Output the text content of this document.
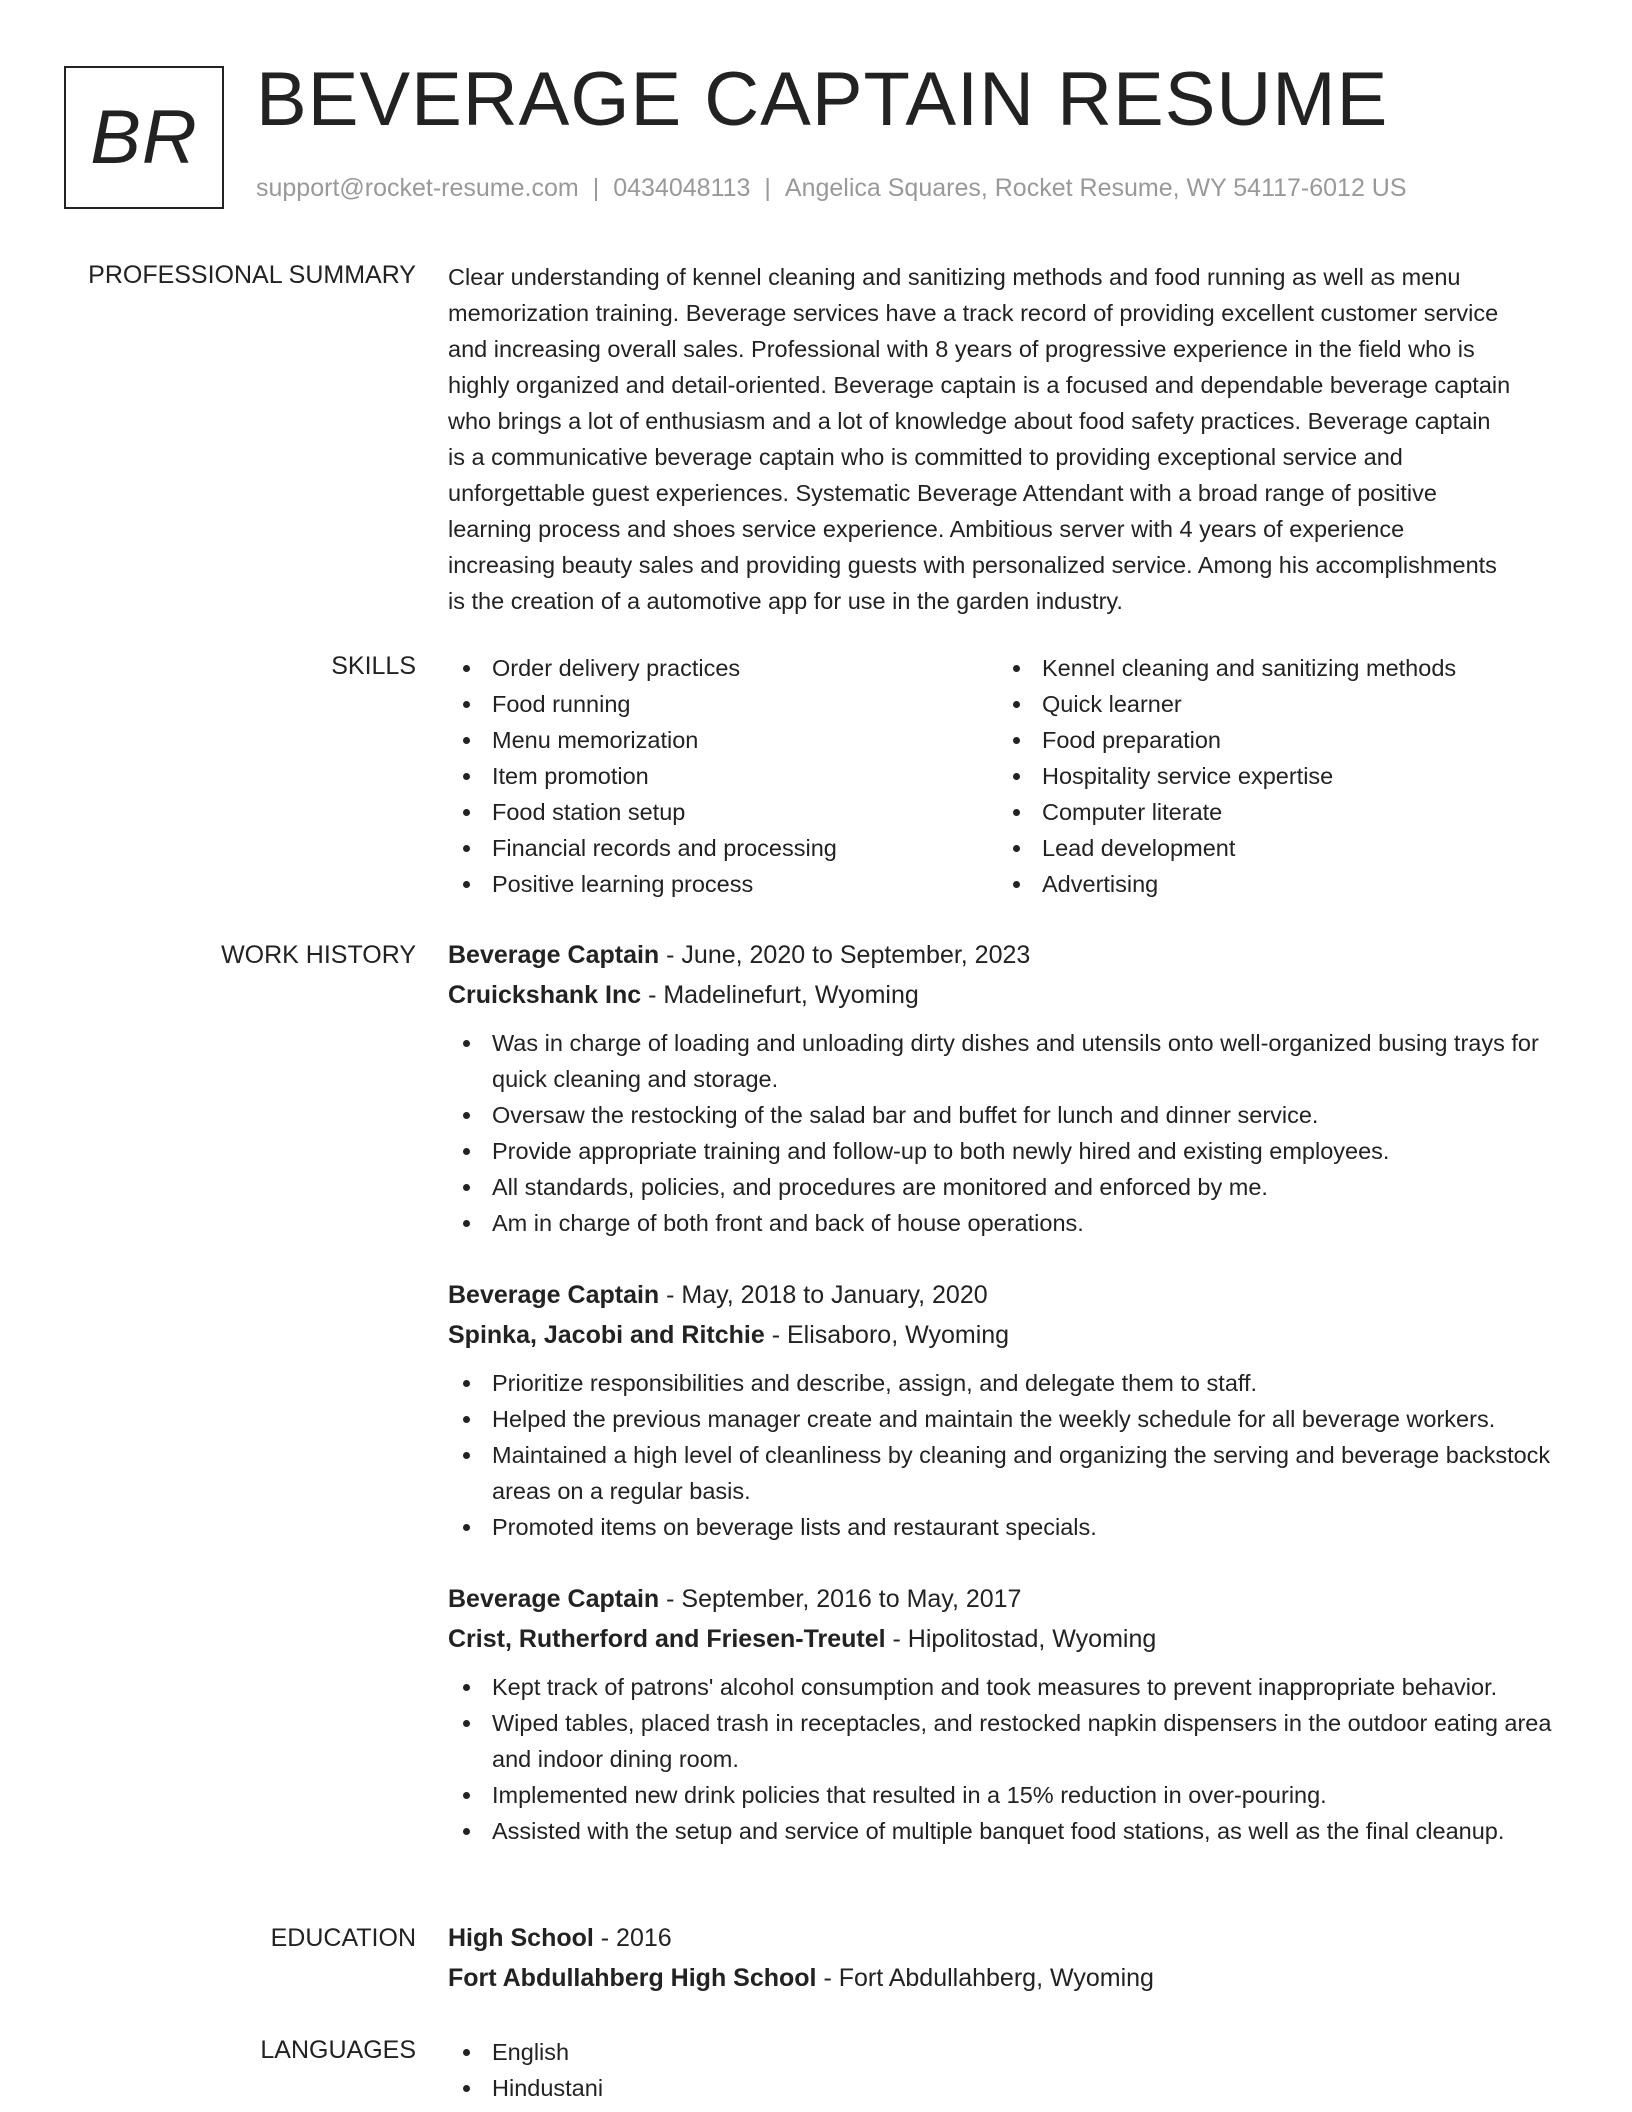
BR BEVERAGE CAPTAIN RESUME
support@rocket-resume.com | 0434048113 | Angelica Squares, Rocket Resume, WY 54117-6012 US
PROFESSIONAL SUMMARY Clear understanding of kennel cleaning and sanitizing methods and food running as well as menu
memorization training. Beverage services have a track record of providing excellent customer service
and increasing overall sales. Professional with 8 years of progressive experience in the field who is
highly organized and detail-oriented. Beverage captain is a focused and dependable beverage captain
who brings a lot of enthusiasm and a lot of knowledge about food safety practices. Beverage captain
is a communicative beverage captain who is committed to providing exceptional service and
unforgettable guest experiences. Systematic Beverage Attendant with a broad range of positive
learning process and shoes service experience. Ambitious server with 4 years of experience
increasing beauty sales and providing guests with personalized service. Among his accomplishments
is the creation of a automotive app for use in the garden industry.
SKILLS	Order delivery practices
Food running
Menu memorization
Item promotion
Food station setup
Financial records and processing
Positive learning process
Kennel cleaning and sanitizing methods
Quick learner
Food preparation
Hospitality service expertise
Computer literate
Lead development
Advertising
WORK HISTORY Beverage Captain - June, 2020 to September, 2023
Cruickshank Inc - Madelinefurt, Wyoming
Was in charge of loading and unloading dirty dishes and utensils onto well-organized busing trays for quick cleaning and storage.
Oversaw the restocking of the salad bar and buffet for lunch and dinner service.
Provide appropriate training and follow-up to both newly hired and existing employees.
All standards, policies, and procedures are monitored and enforced by me.
Am in charge of both front and back of house operations.
Beverage Captain - May, 2018 to January, 2020
Spinka, Jacobi and Ritchie - Elisaboro, Wyoming
Prioritize responsibilities and describe, assign, and delegate them to staff.
Helped the previous manager create and maintain the weekly schedule for all beverage workers.
Maintained a high level of cleanliness by cleaning and organizing the serving and beverage backstock areas on a regular basis.
Promoted items on beverage lists and restaurant specials.
Beverage Captain - September, 2016 to May, 2017
Crist, Rutherford and Friesen-Treutel - Hipolitostad, Wyoming
Kept track of patrons' alcohol consumption and took measures to prevent inappropriate behavior.
Wiped tables, placed trash in receptacles, and restocked napkin dispensers in the outdoor eating area and indoor dining room.
Implemented new drink policies that resulted in a 15% reduction in over-pouring.
Assisted with the setup and service of multiple banquet food stations, as well as the final cleanup.
EDUCATION High School - 2016
Fort Abdullahberg High School - Fort Abdullahberg, Wyoming
LANGUAGES	English
Hindustani
